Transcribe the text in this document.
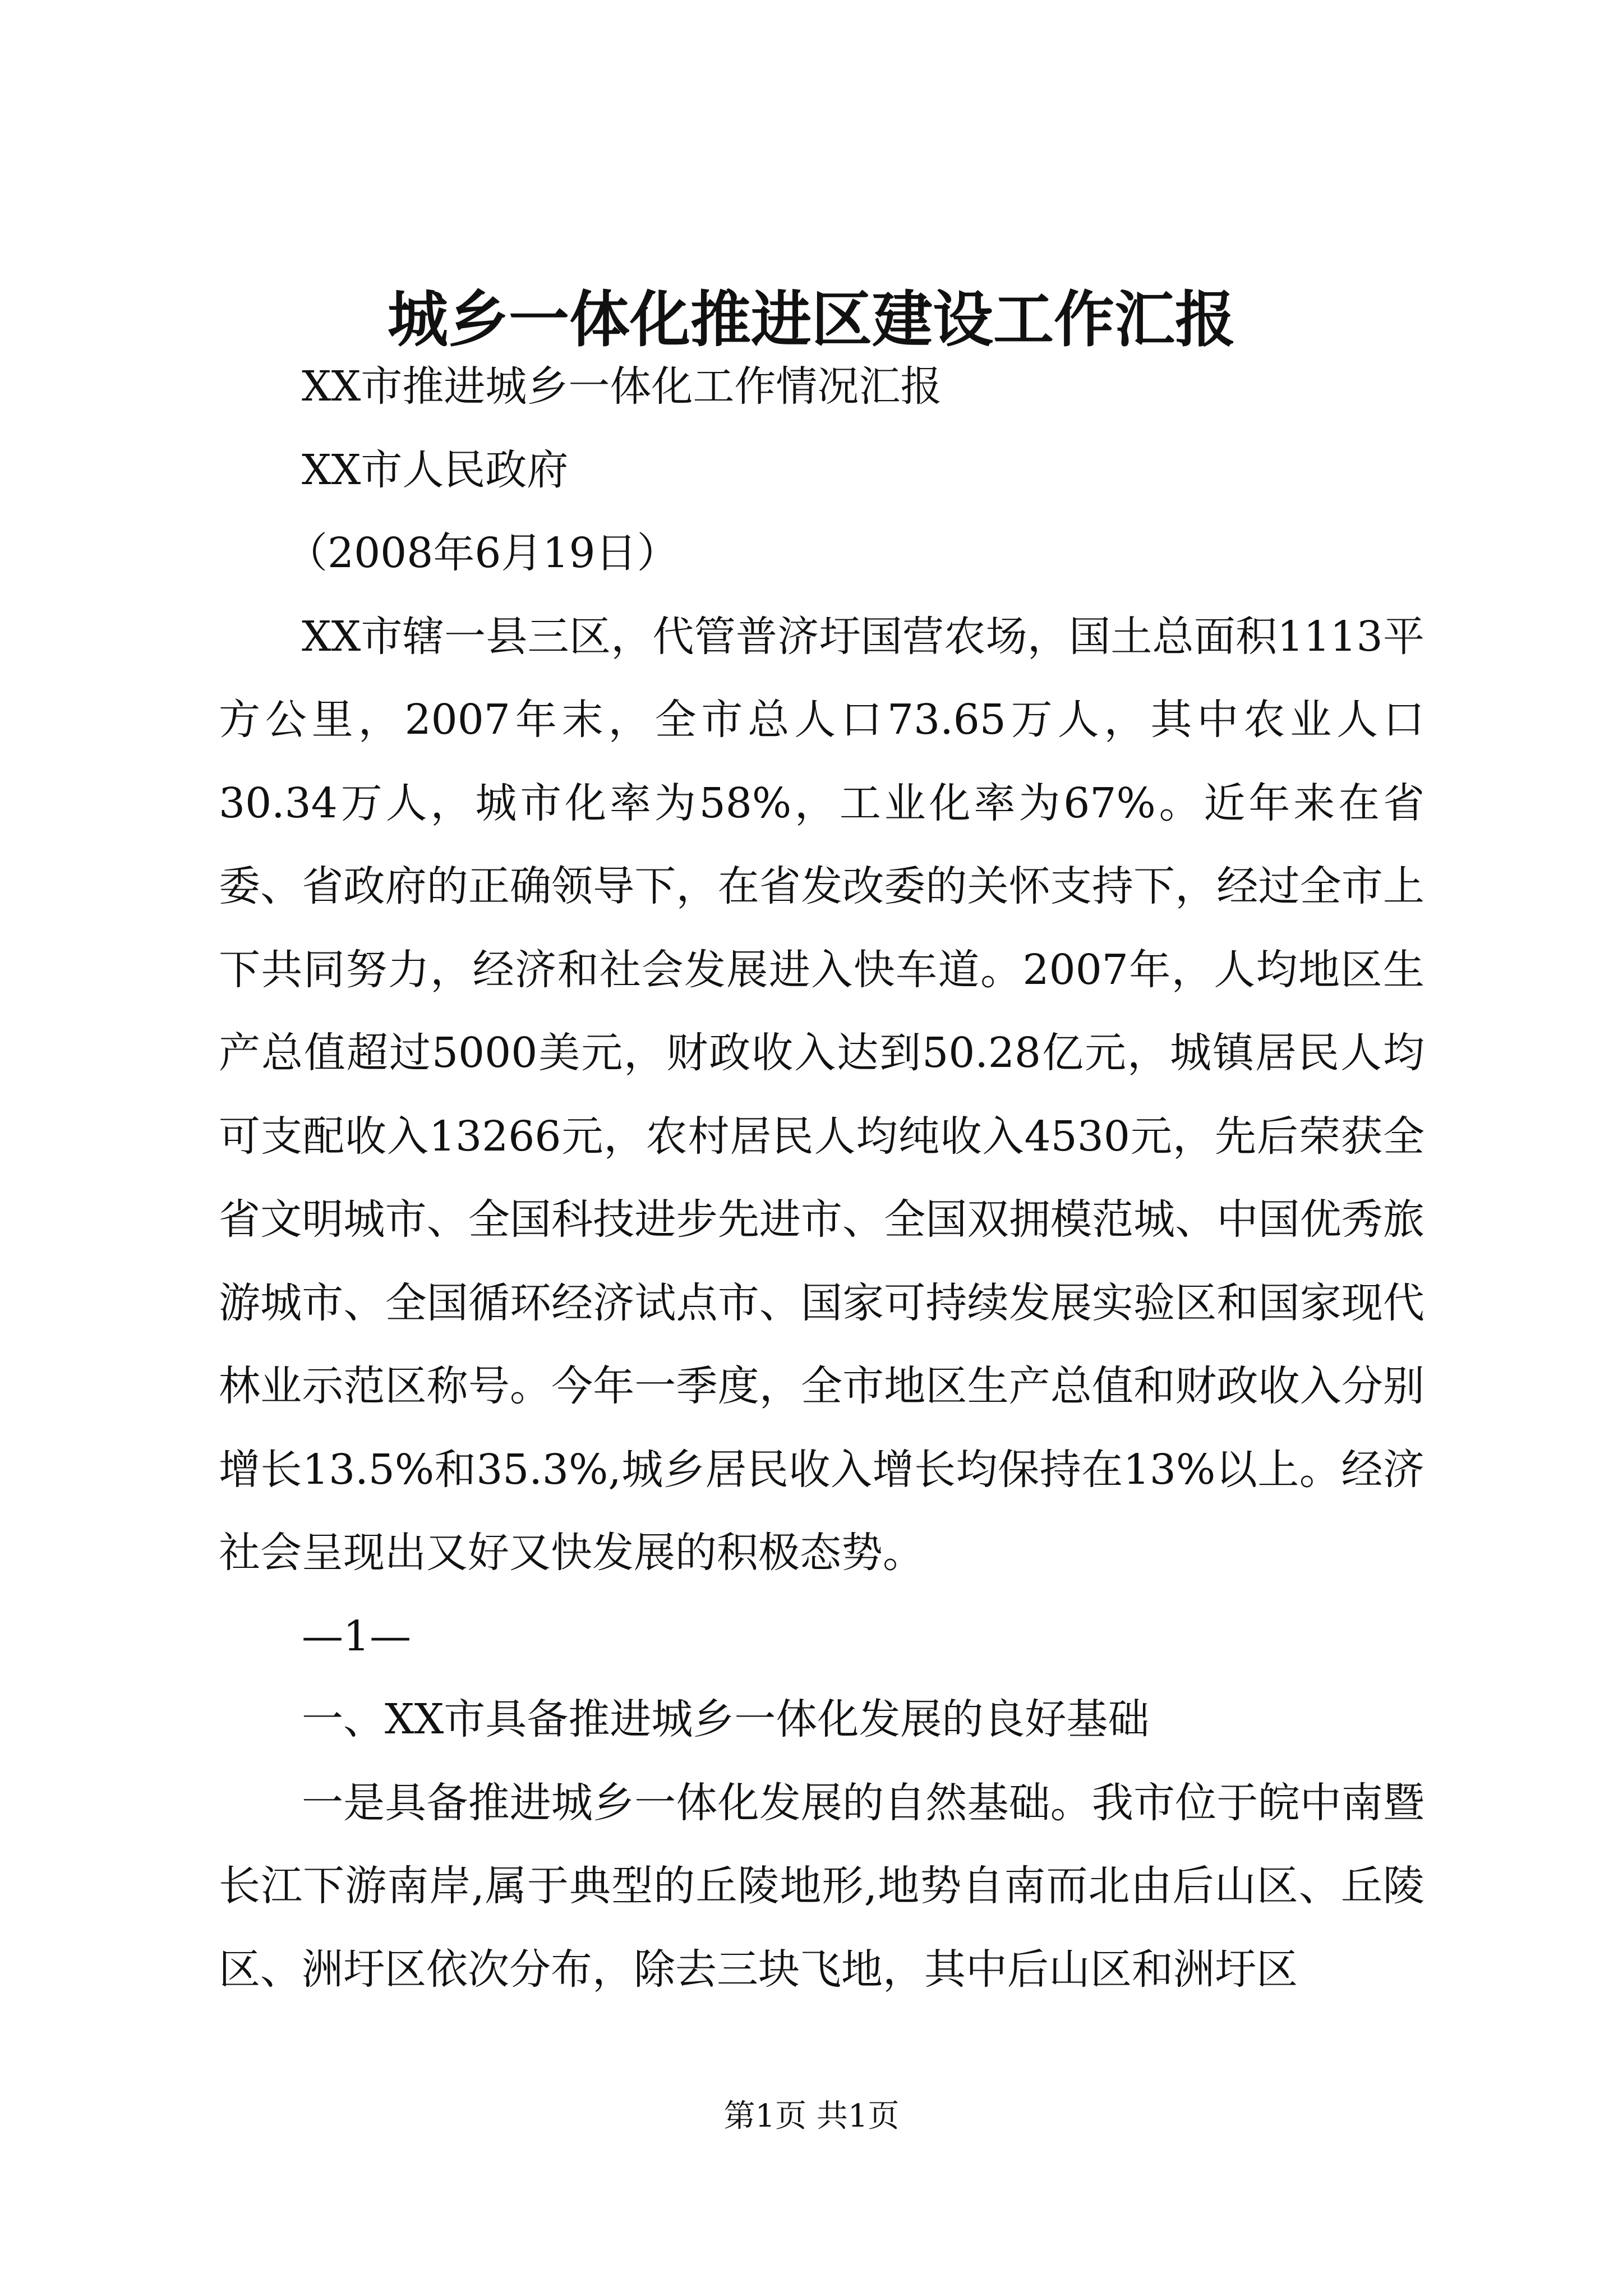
城乡一体化推进区建设工作汇报

XX市推进城乡一体化工作情况汇报

XX市人民政府

（2008年6月19日）

XX市辖一县三区，代管普济圩国营农场，国土总面积1113平方公里，2007年末，全市总人口73.65万人，其中农业人口30.34万人，城市化率为58%，工业化率为67%。近年来在省委、省政府的正确领导下，在省发改委的关怀支持下，经过全市上下共同努力，经济和社会发展进入快车道。2007年，人均地区生产总值超过5000美元，财政收入达到50.28亿元，城镇居民人均可支配收入13266元，农村居民人均纯收入4530元，先后荣获全省文明城市、全国科技进步先进市、全国双拥模范城、中国优秀旅游城市、全国循环经济试点市、国家可持续发展实验区和国家现代林业示范区称号。今年一季度，全市地区生产总值和财政收入分别增长13.5%和35.3%,城乡居民收入增长均保持在13%以上。经济社会呈现出又好又快发展的积极态势。

—1—

一、XX市具备推进城乡一体化发展的良好基础

一是具备推进城乡一体化发展的自然基础。我市位于皖中南暨长江下游南岸,属于典型的丘陵地形,地势自南而北由后山区、丘陵区、洲圩区依次分布，除去三块飞地，其中后山区和洲圩区

第1页 共1页
